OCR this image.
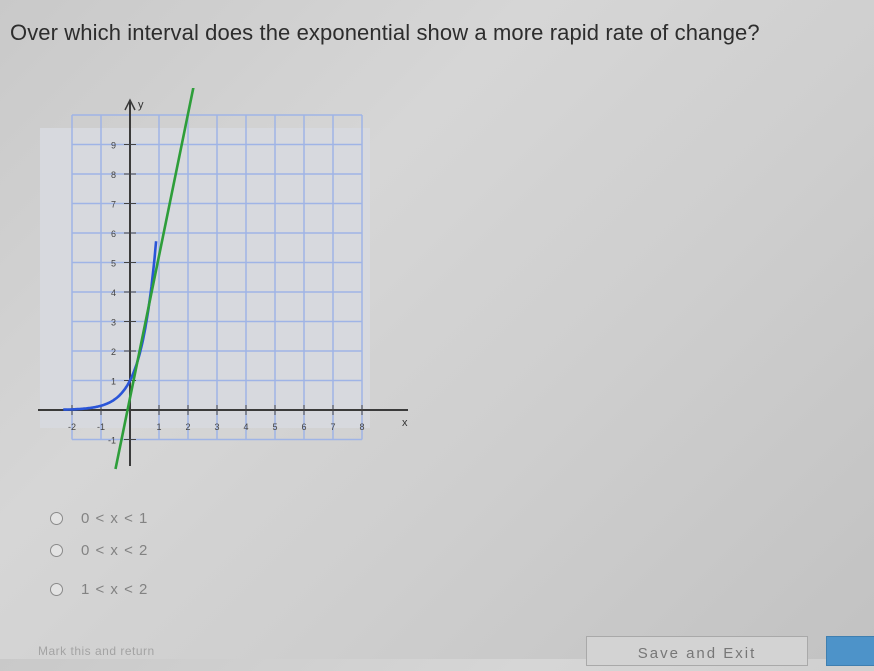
Over which interval does the exponential show a more rapid rate of change?
y
x
1
2
3
4
5
6
7
8
9
-1
-2 -1	1	2	3	4	5	6	7	8
0 < x < 1
0 < x < 2
1 < x < 2
Mark this and return	Save and Exit
